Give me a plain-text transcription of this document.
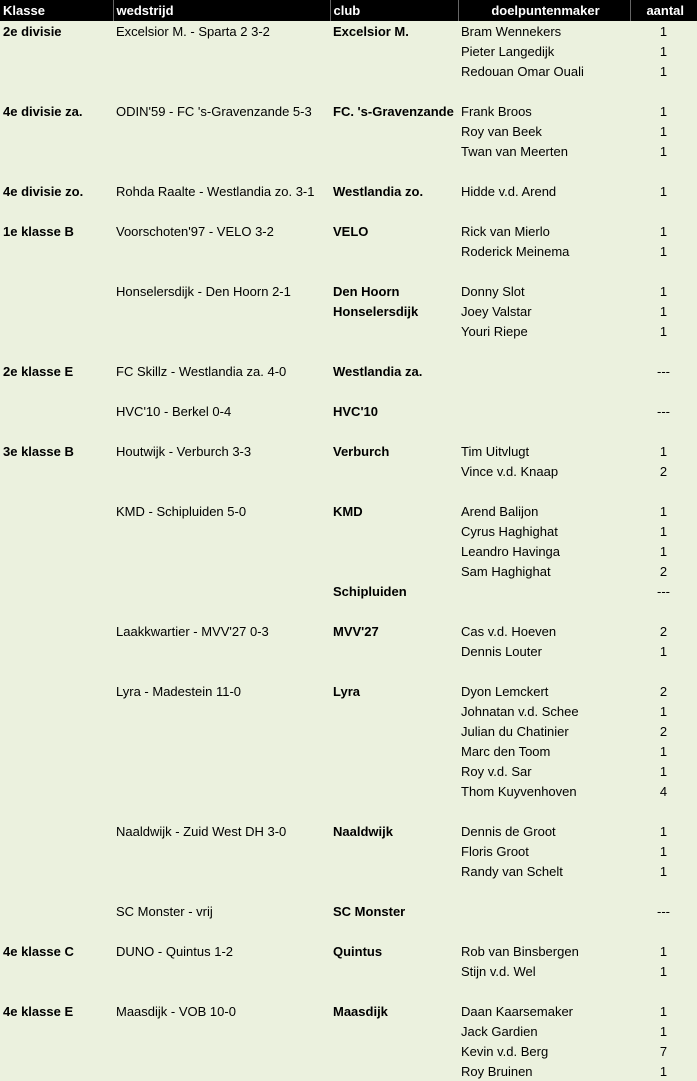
Klasse	wedstrijd	club	doelpuntenmaker	aantal
2e divisie	Excelsior M. - Sparta 2 3-2	Excelsior M.	Bram Wennekers	1
			Pieter Langedijk	1
			Redouan Omar Ouali	1

4e divisie za.	ODIN'59 - FC 's-Gravenzande 5-3	FC. 's-Gravenzande	Frank Broos	1
			Roy van Beek	1
			Twan van Meerten	1

4e divisie zo.	Rohda Raalte - Westlandia zo. 3-1	Westlandia zo.	Hidde v.d. Arend	1

1e klasse B	Voorschoten'97 - VELO 3-2	VELO	Rick van Mierlo	1
			Roderick Meinema	1

	Honselersdijk - Den Hoorn 2-1	Den Hoorn	Donny Slot	1
		Honselersdijk	Joey Valstar	1
			Youri Riepe	1

2e klasse E	FC Skillz - Westlandia za. 4-0	Westlandia za.		---

	HVC'10 - Berkel 0-4	HVC'10		---

3e klasse B	Houtwijk - Verburch 3-3	Verburch	Tim Uitvlugt	1
			Vince v.d. Knaap	2

	KMD - Schipluiden 5-0	KMD	Arend Balijon	1
			Cyrus Haghighat	1
			Leandro Havinga	1
			Sam Haghighat	2
		Schipluiden		---

	Laakkwartier - MVV'27 0-3	MVV'27	Cas v.d. Hoeven	2
			Dennis Louter	1

	Lyra - Madestein 11-0	Lyra	Dyon Lemckert	2
			Johnatan v.d. Schee	1
			Julian du Chatinier	2
			Marc den Toom	1
			Roy v.d. Sar	1
			Thom Kuyvenhoven	4

	Naaldwijk - Zuid West DH 3-0	Naaldwijk	Dennis de Groot	1
			Floris Groot	1
			Randy van Schelt	1

	SC Monster - vrij	SC Monster		---

4e klasse C	DUNO - Quintus 1-2	Quintus	Rob van Binsbergen	1
			Stijn v.d. Wel	1

4e klasse E	Maasdijk - VOB 10-0	Maasdijk	Daan Kaarsemaker	1
			Jack Gardien	1
			Kevin v.d. Berg	7
			Roy Bruinen	1
